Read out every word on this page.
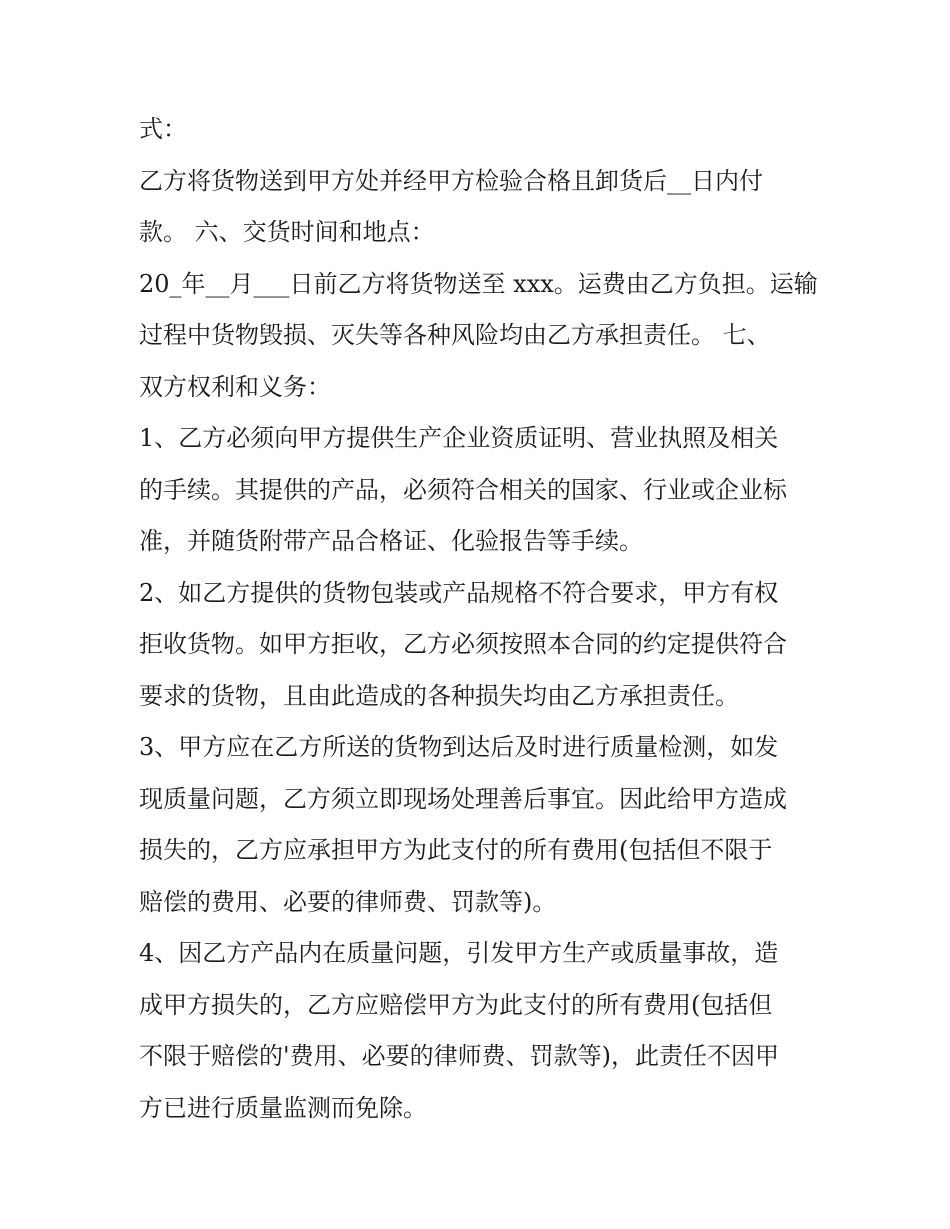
式：
乙方将货物送到甲方处并经甲方检验合格且卸货后__日内付
款。 六、交货时间和地点：
20_年__月___日前乙方将货物送至 xxx。运费由乙方负担。运输
过程中货物毁损、灭失等各种风险均由乙方承担责任。 七、
双方权利和义务：
1、乙方必须向甲方提供生产企业资质证明、营业执照及相关
的手续。其提供的产品，必须符合相关的国家、行业或企业标
准，并随货附带产品合格证、化验报告等手续。
2、如乙方提供的货物包装或产品规格不符合要求，甲方有权
拒收货物。如甲方拒收，乙方必须按照本合同的约定提供符合
要求的货物，且由此造成的各种损失均由乙方承担责任。
3、甲方应在乙方所送的货物到达后及时进行质量检测，如发
现质量问题，乙方须立即现场处理善后事宜。因此给甲方造成
损失的，乙方应承担甲方为此支付的所有费用(包括但不限于
赔偿的费用、必要的律师费、罚款等)。
4、因乙方产品内在质量问题，引发甲方生产或质量事故，造
成甲方损失的，乙方应赔偿甲方为此支付的所有费用(包括但
不限于赔偿的'费用、必要的律师费、罚款等)，此责任不因甲
方已进行质量监测而免除。
